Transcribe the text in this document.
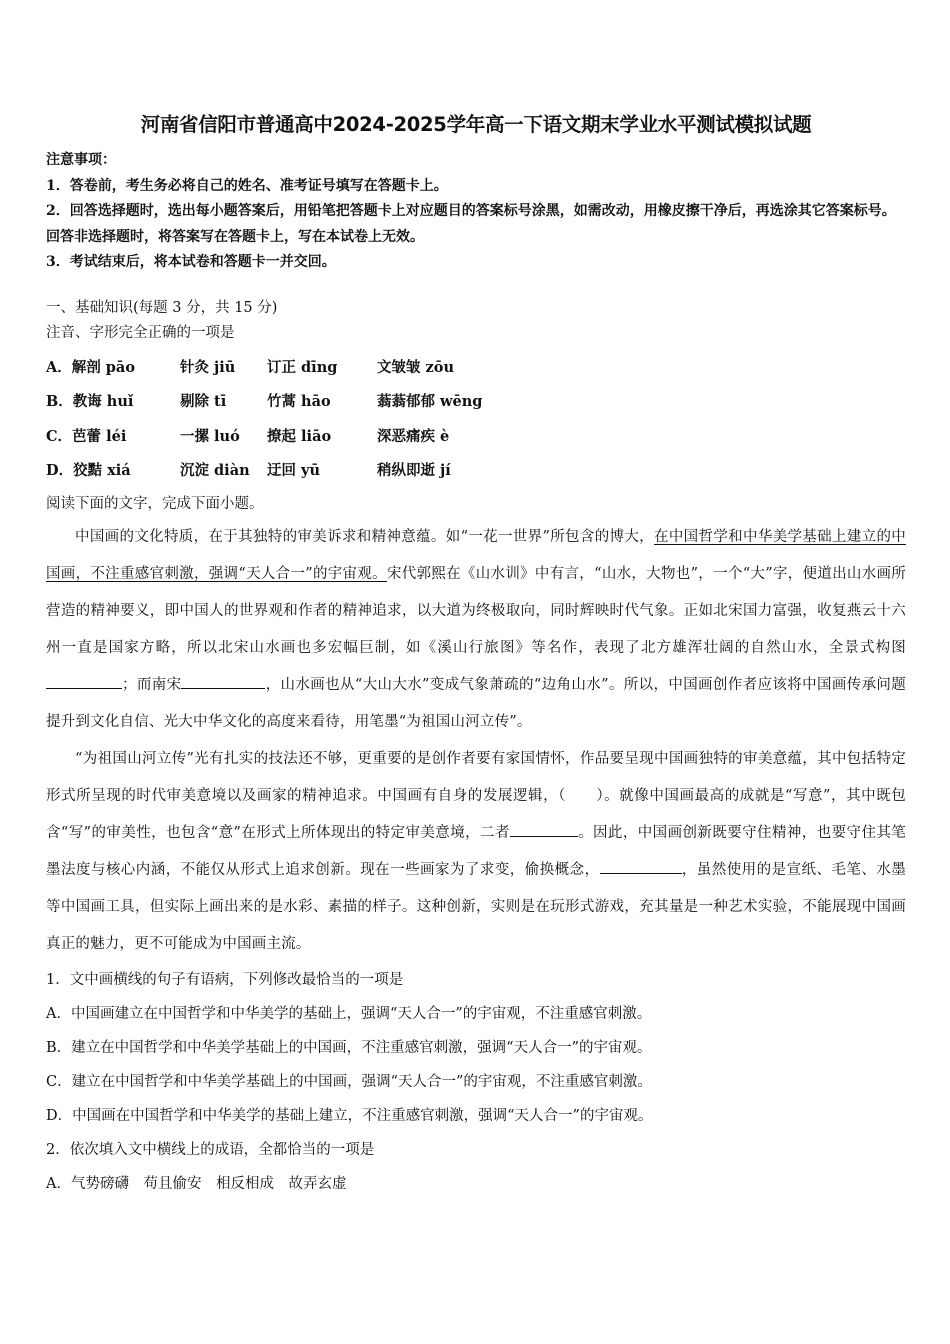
河南省信阳市普通高中2024-2025学年高一下语文期末学业水平测试模拟试题

注意事项：

1．答卷前，考生务必将自己的姓名、准考证号填写在答题卡上。

2．回答选择题时，选出每小题答案后，用铅笔把答题卡上对应题目的答案标号涂黑，如需改动，用橡皮擦干净后，再选涂其它答案标号。回答非选择题时，将答案写在答题卡上，写在本试卷上无效。

3．考试结束后，将本试卷和答题卡一并交回。

一、基础知识(每题 3 分，共 15 分)

注音、字形完全正确的一项是

A．解剖 pāo	针灸 jiū	订正 dīng	文皱皱 zōu
B．教诲 huǐ	剔除 tī	竹蒿 hāo	蓊蓊郁郁 wēng
C．芭蕾 léi	一摞 luó	撩起 liāo	深恶痛疾 è
D．狡黠 xiá	沉淀 diàn	迂回 yū	稍纵即逝 jí

阅读下面的文字，完成下面小题。

中国画的文化特质，在于其独特的审美诉求和精神意蕴。如“一花一世界”所包含的博大，在中国哲学和中华美学基础上建立的中国画，不注重感官刺激，强调“天人合一”的宇宙观。宋代郭熙在《山水训》中有言，“山水，大物也”，一个“大”字，便道出山水画所营造的精神要义，即中国人的世界观和作者的精神追求，以大道为终极取向，同时辉映时代气象。正如北宋国力富强，收复燕云十六州一直是国家方略，所以北宋山水画也多宏幅巨制，如《溪山行旅图》等名作，表现了北方雄浑壮阔的自然山水，全景式构图；而南宋	，山水画也从“大山大水”变成气象萧疏的“边角山水”。所以，中国画创作者应该将中国画传承问题提升到文化自信、光大中华文化的高度来看待，用笔墨“为祖国山河立传”。

“为祖国山河立传”光有扎实的技法还不够，更重要的是创作者要有家国情怀，作品要呈现中国画独特的审美意蕴，其中包括特定形式所呈现的时代审美意境以及画家的精神追求。中国画有自身的发展逻辑，（ ）。就像中国画最高的成就是“写意”，其中既包含“写”的审美性，也包含“意”在形式上所体现出的特定审美意境，二者	。因此，中国画创新既要守住精神，也要守住其笔墨法度与核心内涵，不能仅从形式上追求创新。现在一些画家为了求变，偷换概念，	，虽然使用的是宣纸、毛笔、水墨等中国画工具，但实际上画出来的是水彩、素描的样子。这种创新，实则是在玩形式游戏，充其量是一种艺术实验，不能展现中国画真正的魅力，更不可能成为中国画主流。

1．文中画横线的句子有语病，下列修改最恰当的一项是

A．中国画建立在中国哲学和中华美学的基础上，强调“天人合一”的宇宙观，不注重感官刺激。

B．建立在中国哲学和中华美学基础上的中国画，不注重感官刺激，强调“天人合一”的宇宙观。

C．建立在中国哲学和中华美学基础上的中国画，强调“天人合一”的宇宙观，不注重感官刺激。

D．中国画在中国哲学和中华美学的基础上建立，不注重感官刺激，强调“天人合一”的宇宙观。

2．依次填入文中横线上的成语，全都恰当的一项是

A．气势磅礴　苟且偷安　相反相成　故弄玄虚
